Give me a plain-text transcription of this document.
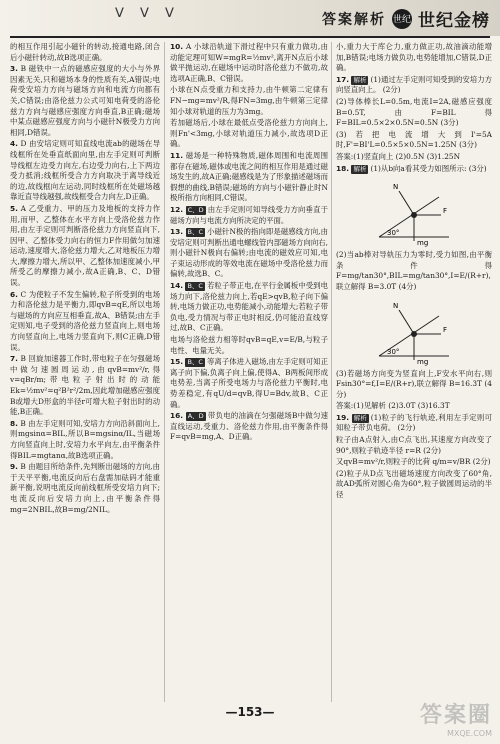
ᐯ ᐯ ᐯ	答案解析 世纪 世纪金榜
的相互作用引起小磁针的转动,接通电路,闭合后小磁针转动,故B选项正确。
3. B 磁铁中一点的磁感应强度的大小与外界因素无关,只和磁场本身的性质有关,A错误;电荷受安培力方向与磁场方向和电流方向都有关,C错误;由洛伦兹力公式可知电荷受的洛伦兹力方向与磁感应强度方向垂直,B正确;磁场中某点磁感应强度方向与小磁针N极受力方向相同,D错误。
4. D 由安培定则可知直线电流ab的磁场在导线框所在处垂直纸面向里,由左手定则可判断导线框左边受力向左,右边受力向右,上下两边受力抵消;线框所受合力方向取决于离导线近的边,故线框向左运动,同时线框所在处磁场越靠近直导线越强,故线框受合力向左,D正确。
5. A 乙受重力、甲的压力及地板的支持力作用,而甲、乙整体在水平方向上受洛伦兹力作用,由左手定则可判断洛伦兹力方向竖直向下,因甲、乙整体受力向右的恒力F作用做匀加速运动,速度增大,洛伦兹力增大,乙对地板压力增大,摩擦力增大,所以甲、乙整体加速度减小,甲所受乙的摩擦力减小,故A正确,B、C、D错误。
6. C 为使粒子不发生偏转,粒子所受到的电场力和洛伦兹力是平衡力,即qvB=qE,所以电场与磁场的方向应互相垂直,故A、B错误;由左手定则知,电子受到的洛伦兹力竖直向上,则电场方向竖直向上,电场力竖直向下,则C正确,D错误。
7. B 回旋加速器工作时,带电粒子在匀强磁场中做匀速圆周运动,由qvB=mv²/r,得v=qBr/m;带电粒子射出时的动能Ek=½mv²=q²B²r²/2m,因此增加磁感应强度B或增大D形盒的半径r可增大粒子射出时的动能,B正确。
8. B 由左手定则可知,安培力方向沿斜面向上,则mgsinα=BIL,所以B=mgsinα/IL,当磁场方向竖直向上时,安培力水平向左,由平衡条件得BIL=mgtanα,故B选项正确。
9. B 由题目所给条件,先判断出磁场的方向,由于天平平衡,电流反向后右盘需加砝码才能重新平衡,说明电流反向前线框所受安培力向下;电流反向后安培力向上,由平衡条件得mg=2NBIL,故B=mg/2NIL。
10. A 小球沿轨道下滑过程中只有重力做功,由动能定理可知W=mgR=½mv²,离开N点后小球做平抛运动,在磁场中运动时洛伦兹力不做功,故选项A正确,B、C错误。
小球在N点受重力和支持力,由牛顿第二定律有FN−mg=mv²/R,得FN=3mg,由牛顿第三定律知小球对轨道的压力为3mg。
若加磁场后,小球在最低点受洛伦兹力方向向上,则Fn'<3mg,小球对轨道压力减小,故选项D正确。
11. 磁场是一种特殊物质,磁体周围和电流周围都存在磁场,磁体或电流之间的相互作用是通过磁场发生的,故A正确;磁感线是为了形象描述磁场而假想的曲线,B错误;磁场的方向与小磁针静止时N极所指方向相同,C错误。
12. C、D 由左手定则可知导线受力方向垂直于磁场方向与电流方向所决定的平面。
13. B、C 小磁针N极的指向即是磁感线方向,由安培定则可判断出通电螺线管内部磁场方向向右,则小磁针N极向右偏转;由电流的磁效应可知,电子束运动形成的等效电流在磁场中受洛伦兹力而偏转,故选B、C。
14. B、C 若粒子带正电,在平行金属板中受到电场力向下,洛伦兹力向上,若qE>qvB,粒子向下偏转,电场力做正功,电势能减小,动能增大;若粒子带负电,受力情况与带正电时相反,仍可能沿直线穿过,故B、C正确。
电场与洛伦兹力相等时qvB=qE,v=E/B,与粒子电性、电量无关。
15. B、C 等离子体进入磁场,由左手定则可知正离子向下偏,负离子向上偏,使得A、B两板间形成电势差,当离子所受电场力与洛伦兹力平衡时,电势差稳定,有qU/d=qvB,得U=Bdv,故B、C正确。
16. A、D 带负电的油滴在匀强磁场B中做匀速直线运动,受重力、洛伦兹力作用,由平衡条件得F=qvB=mg,A、D正确。
小,重力大于库仑力,重力做正功,故油滴动能增加,B错误;电场力做负功,电势能增加,C错误,D正确。
17. 解析 (1)通过左手定则可知受到的安培力方向竖直向上。 (2分)
(2)导体棒长L=0.5m,电流I=2A,磁感应强度B=0.5T,由F=BIL得 F=BIL=0.5×2×0.5N=0.5N (3分)
(3)若把电流增大到I'=5A时,F'=BI'L=0.5×5×0.5N=1.25N (3分)
答案:(1)竖直向上 (2)0.5N (3)1.25N
18. 解析 (1)从b向a看其受力如图所示: (3分)
N
F
mg
30°
(2)当ab棒对导轨压力为零时,受力如图,由平衡条件得 F=mg/tan30°,BIL=mg/tan30°,I=E/(R+r),联立解得 B=3.0T (4分)
N
F
mg
30°
(3)若磁场方向变为竖直向上,F安水平向右,则 Fsin30°=f,I=E/(R+r),联立解得 B=16.3T (4分)
答案:(1)见解析 (2)3.0T (3)16.3T
19. 解析 (1)粒子的飞行轨迹,利用左手定则可知粒子带负电荷。 (2分)
粒子由A点射入,由C点飞出,其速度方向改变了90°,则粒子轨迹半径 r=R (2分)
又qvB=mv²/r,则粒子的比荷 q/m=v/BR (2分)
(2)粒子从D点飞出磁场速度方向改变了60°角,故AD弧所对圆心角为60°,粒子做圆周运动的半径
—153—	答案圈
MXQE.COM
